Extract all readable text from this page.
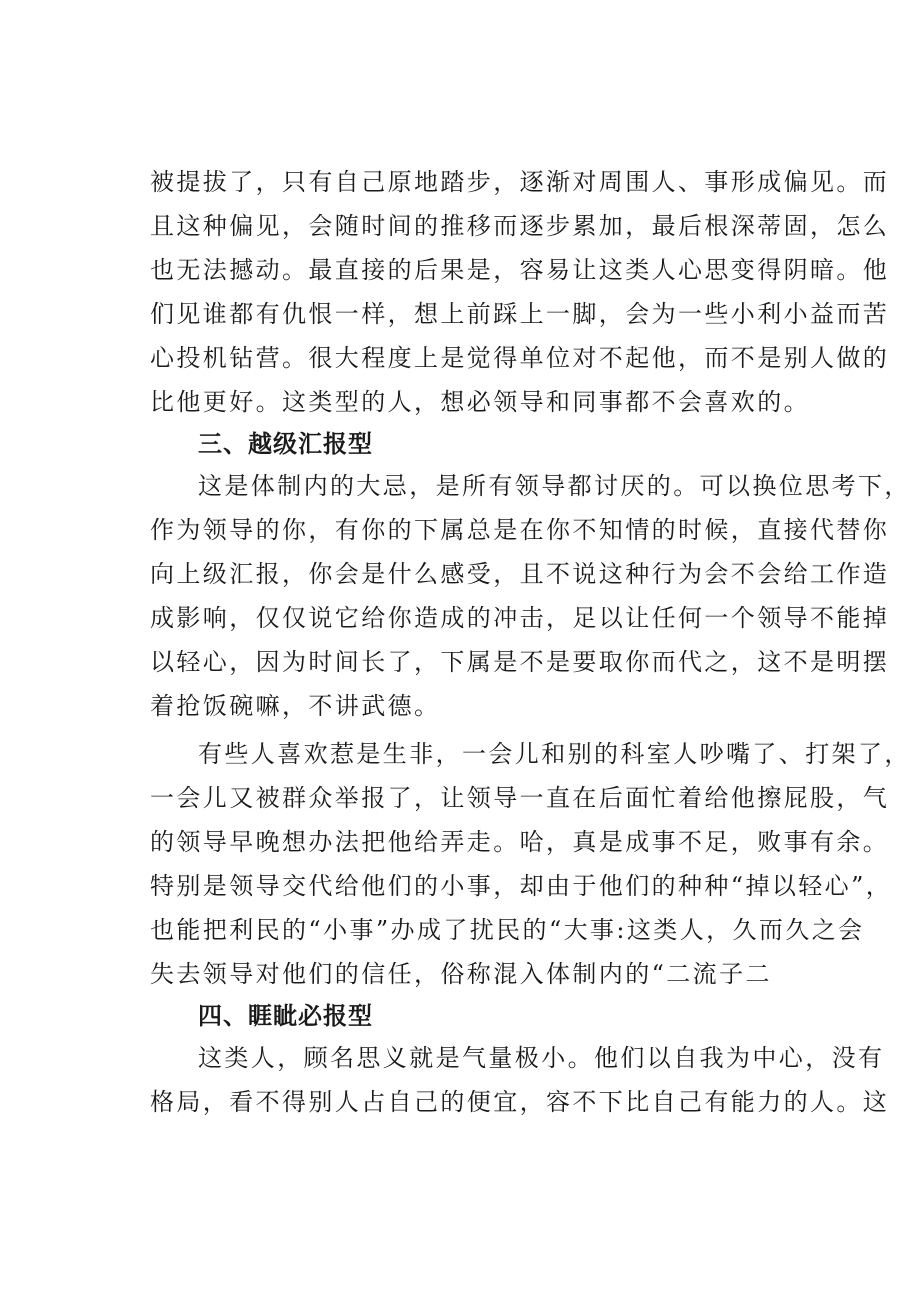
被提拔了，只有自己原地踏步，逐渐对周围人、事形成偏见。而
且这种偏见，会随时间的推移而逐步累加，最后根深蒂固，怎么
也无法撼动。最直接的后果是，容易让这类人心思变得阴暗。他
们见谁都有仇恨一样，想上前踩上一脚，会为一些小利小益而苦
心投机钻营。很大程度上是觉得单位对不起他，而不是别人做的
比他更好。这类型的人，想必领导和同事都不会喜欢的。
三、越级汇报型
这是体制内的大忌，是所有领导都讨厌的。可以换位思考下，
作为领导的你，有你的下属总是在你不知情的时候，直接代替你
向上级汇报，你会是什么感受，且不说这种行为会不会给工作造
成影响，仅仅说它给你造成的冲击，足以让任何一个领导不能掉
以轻心，因为时间长了，下属是不是要取你而代之，这不是明摆
着抢饭碗嘛，不讲武德。
有些人喜欢惹是生非，一会儿和别的科室人吵嘴了、打架了，
一会儿又被群众举报了，让领导一直在后面忙着给他擦屁股，气
的领导早晚想办法把他给弄走。哈，真是成事不足，败事有余。
特别是领导交代给他们的小事，却由于他们的种种“掉以轻心”，
也能把利民的“小事”办成了扰民的“大事:这类人，久而久之会
失去领导对他们的信任，俗称混入体制内的“二流子二
四、睚眦必报型
这类人，顾名思义就是气量极小。他们以自我为中心，没有
格局，看不得别人占自己的便宜，容不下比自己有能力的人。这
